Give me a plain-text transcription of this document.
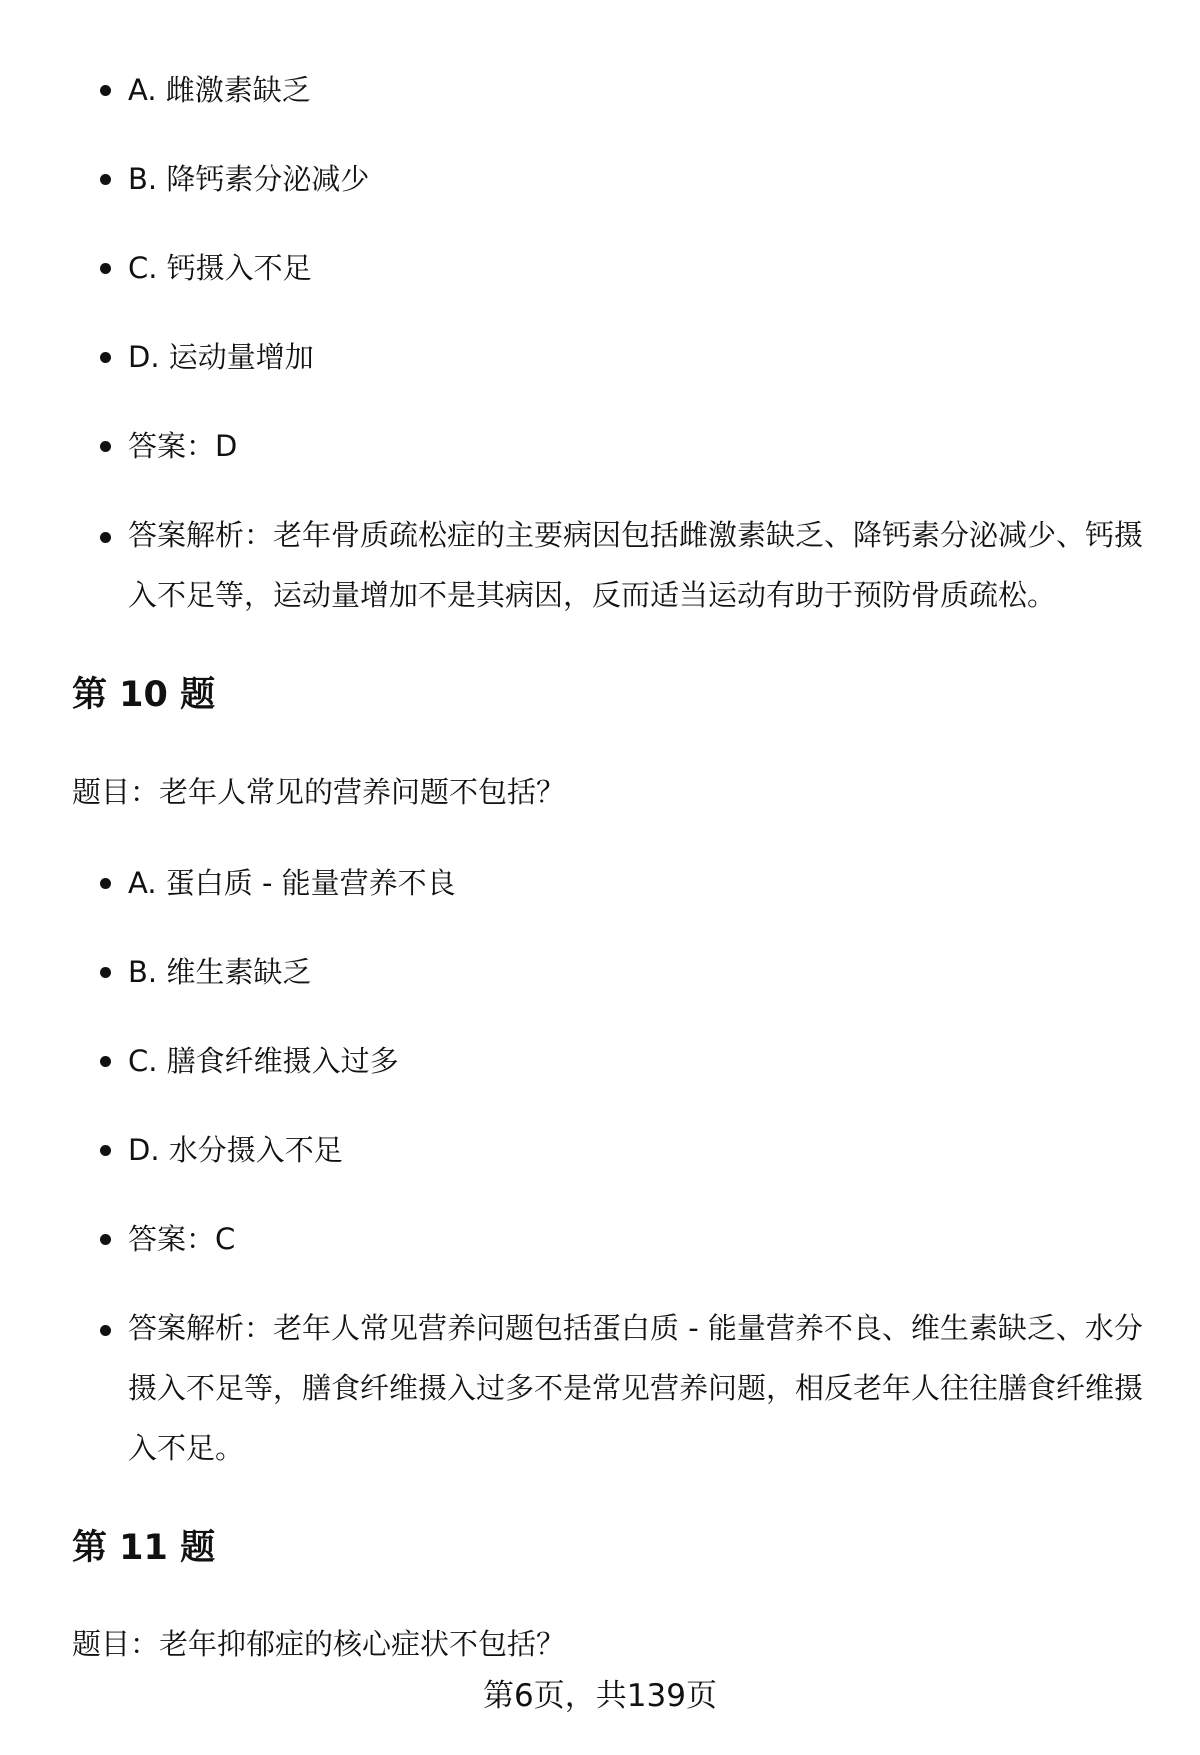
A. 雌激素缺乏
B. 降钙素分泌减少
C. 钙摄入不足
D. 运动量增加
答案：D
答案解析：老年骨质疏松症的主要病因包括雌激素缺乏、降钙素分泌减少、钙摄入不足等，运动量增加不是其病因，反而适当运动有助于预防骨质疏松。
第 10 题

题目：老年人常见的营养问题不包括？

A. 蛋白质 - 能量营养不良
B. 维生素缺乏
C. 膳食纤维摄入过多
D. 水分摄入不足
答案：C
答案解析：老年人常见营养问题包括蛋白质 - 能量营养不良、维生素缺乏、水分摄入不足等，膳食纤维摄入过多不是常见营养问题，相反老年人往往膳食纤维摄入不足。
第 11 题

题目：老年抑郁症的核心症状不包括？

第6页，共139页
